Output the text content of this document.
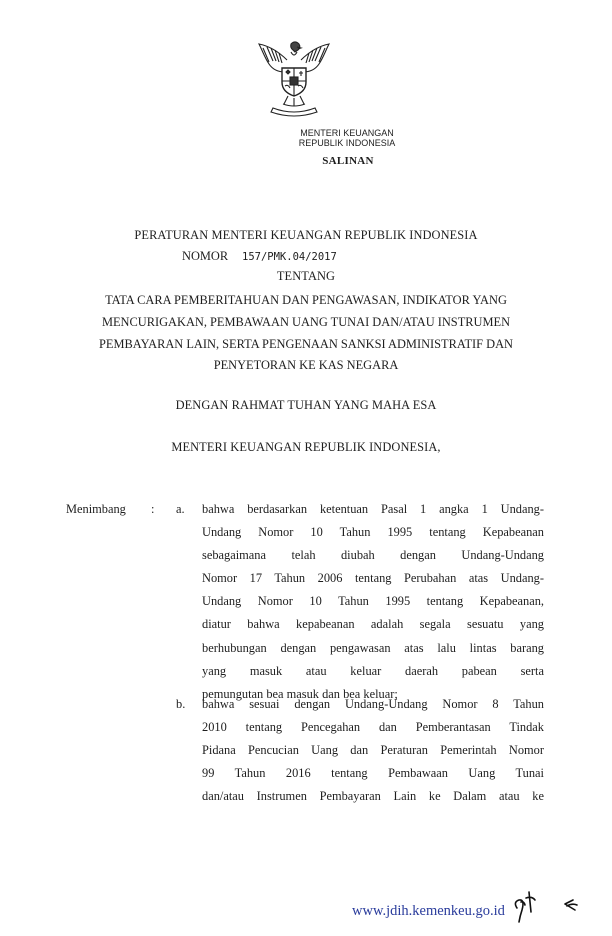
MENTERI KEUANGAN
REPUBLIK INDONESIA
SALINAN
PERATURAN MENTERI KEUANGAN REPUBLIK INDONESIA
NOMOR 157/PMK.04/2017
TENTANG
TATA CARA PEMBERITAHUAN DAN PENGAWASAN, INDIKATOR YANG
MENCURIGAKAN, PEMBAWAAN UANG TUNAI DAN/ATAU INSTRUMEN
PEMBAYARAN LAIN, SERTA PENGENAAN SANKSI ADMINISTRATIF DAN
PENYETORAN KE KAS NEGARA
DENGAN RAHMAT TUHAN YANG MAHA ESA
MENTERI KEUANGAN REPUBLIK INDONESIA,
Menimbang : a. bahwa berdasarkan ketentuan Pasal 1 angka 1 Undang-
Undang Nomor 10 Tahun 1995 tentang Kepabeanan
sebagaimana telah diubah dengan Undang-Undang
Nomor 17 Tahun 2006 tentang Perubahan atas Undang-
Undang Nomor 10 Tahun 1995 tentang Kepabeanan,
diatur bahwa kepabeanan adalah segala sesuatu yang
berhubungan dengan pengawasan atas lalu lintas barang
yang masuk atau keluar daerah pabean serta
pemungutan bea masuk dan bea keluar;
b. bahwa sesuai dengan Undang-Undang Nomor 8 Tahun
2010 tentang Pencegahan dan Pemberantasan Tindak
Pidana Pencucian Uang dan Peraturan Pemerintah Nomor
99 Tahun 2016 tentang Pembawaan Uang Tunai
dan/atau Instrumen Pembayaran Lain ke Dalam atau ke
www.jdih.kemenkeu.go.id
